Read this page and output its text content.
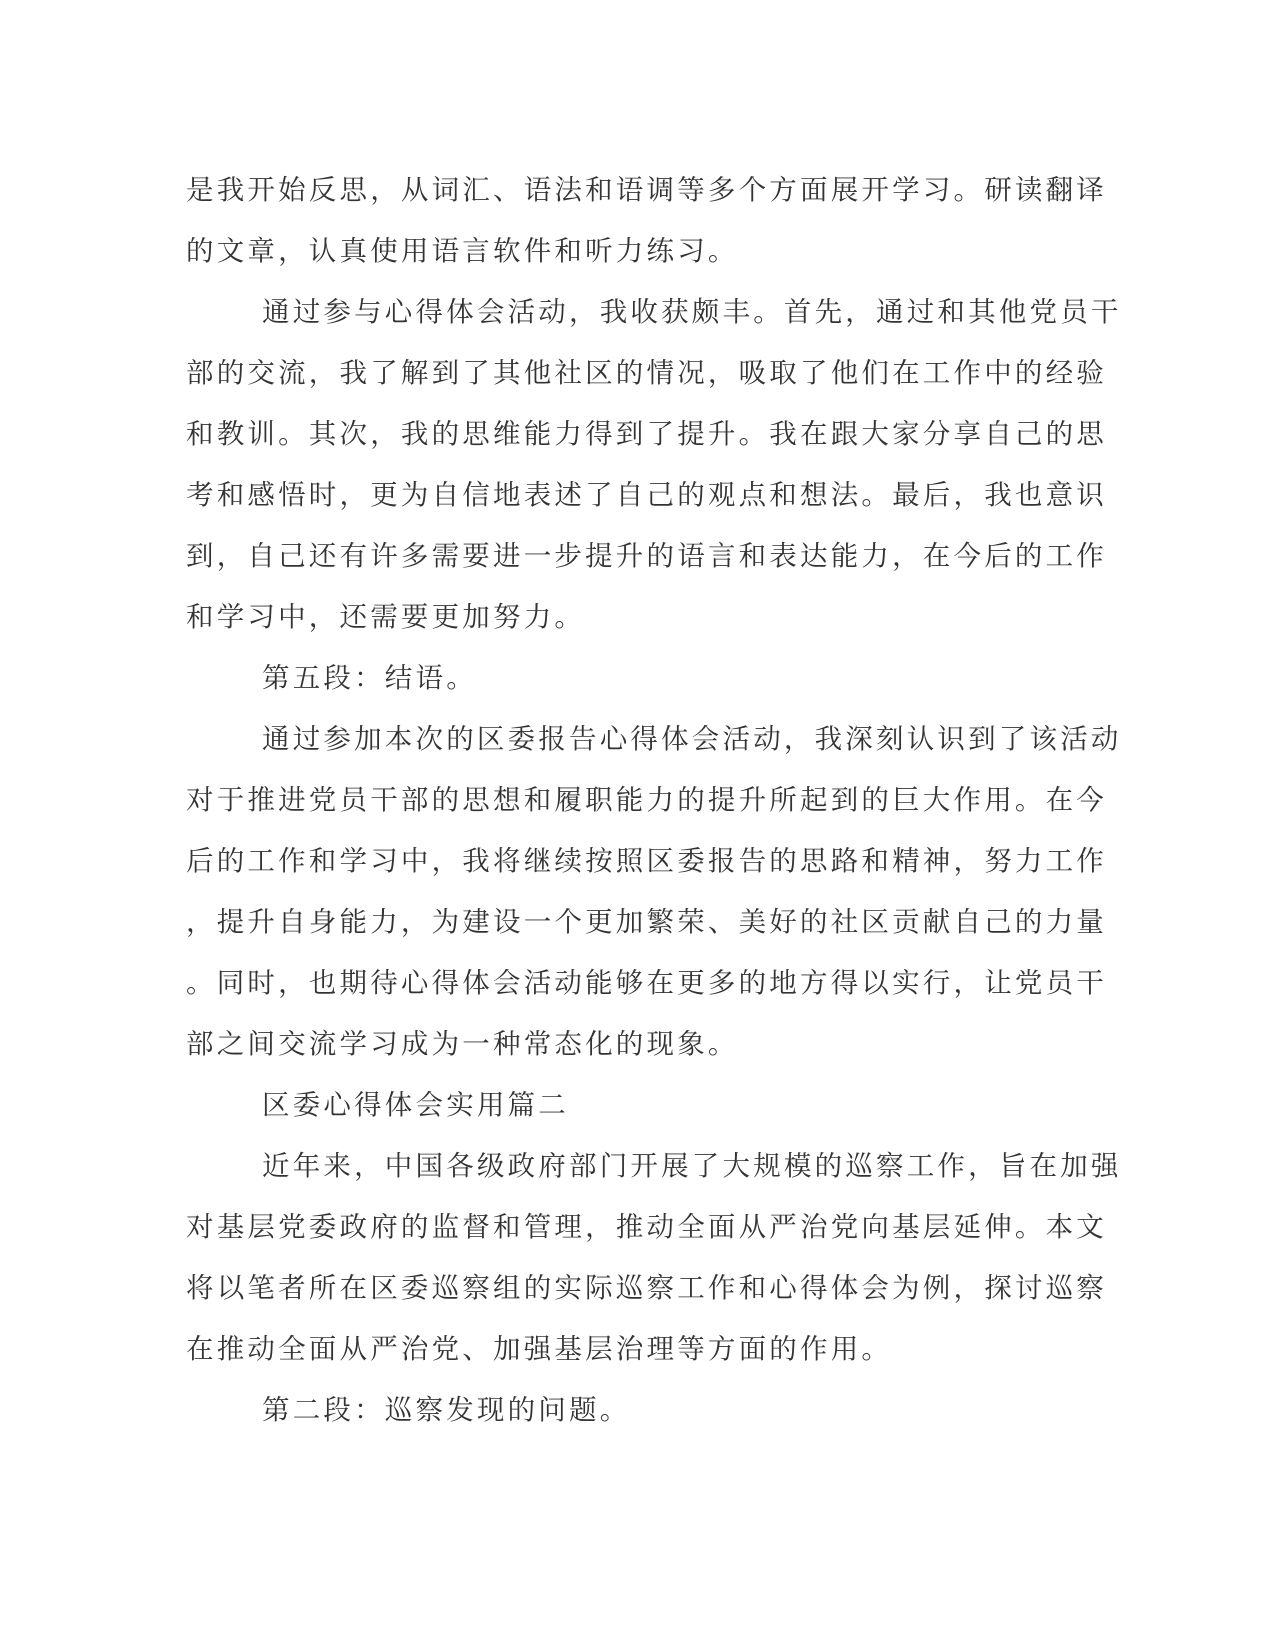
是我开始反思，从词汇、语法和语调等多个方面展开学习。研读翻译
的文章，认真使用语言软件和听力练习。
通过参与心得体会活动，我收获颇丰。首先，通过和其他党员干
部的交流，我了解到了其他社区的情况，吸取了他们在工作中的经验
和教训。其次，我的思维能力得到了提升。我在跟大家分享自己的思
考和感悟时，更为自信地表述了自己的观点和想法。最后，我也意识
到，自己还有许多需要进一步提升的语言和表达能力，在今后的工作
和学习中，还需要更加努力。
第五段：结语。
通过参加本次的区委报告心得体会活动，我深刻认识到了该活动
对于推进党员干部的思想和履职能力的提升所起到的巨大作用。在今
后的工作和学习中，我将继续按照区委报告的思路和精神，努力工作
，提升自身能力，为建设一个更加繁荣、美好的社区贡献自己的力量
。同时，也期待心得体会活动能够在更多的地方得以实行，让党员干
部之间交流学习成为一种常态化的现象。
区委心得体会实用篇二
近年来，中国各级政府部门开展了大规模的巡察工作，旨在加强
对基层党委政府的监督和管理，推动全面从严治党向基层延伸。本文
将以笔者所在区委巡察组的实际巡察工作和心得体会为例，探讨巡察
在推动全面从严治党、加强基层治理等方面的作用。
第二段：巡察发现的问题。
